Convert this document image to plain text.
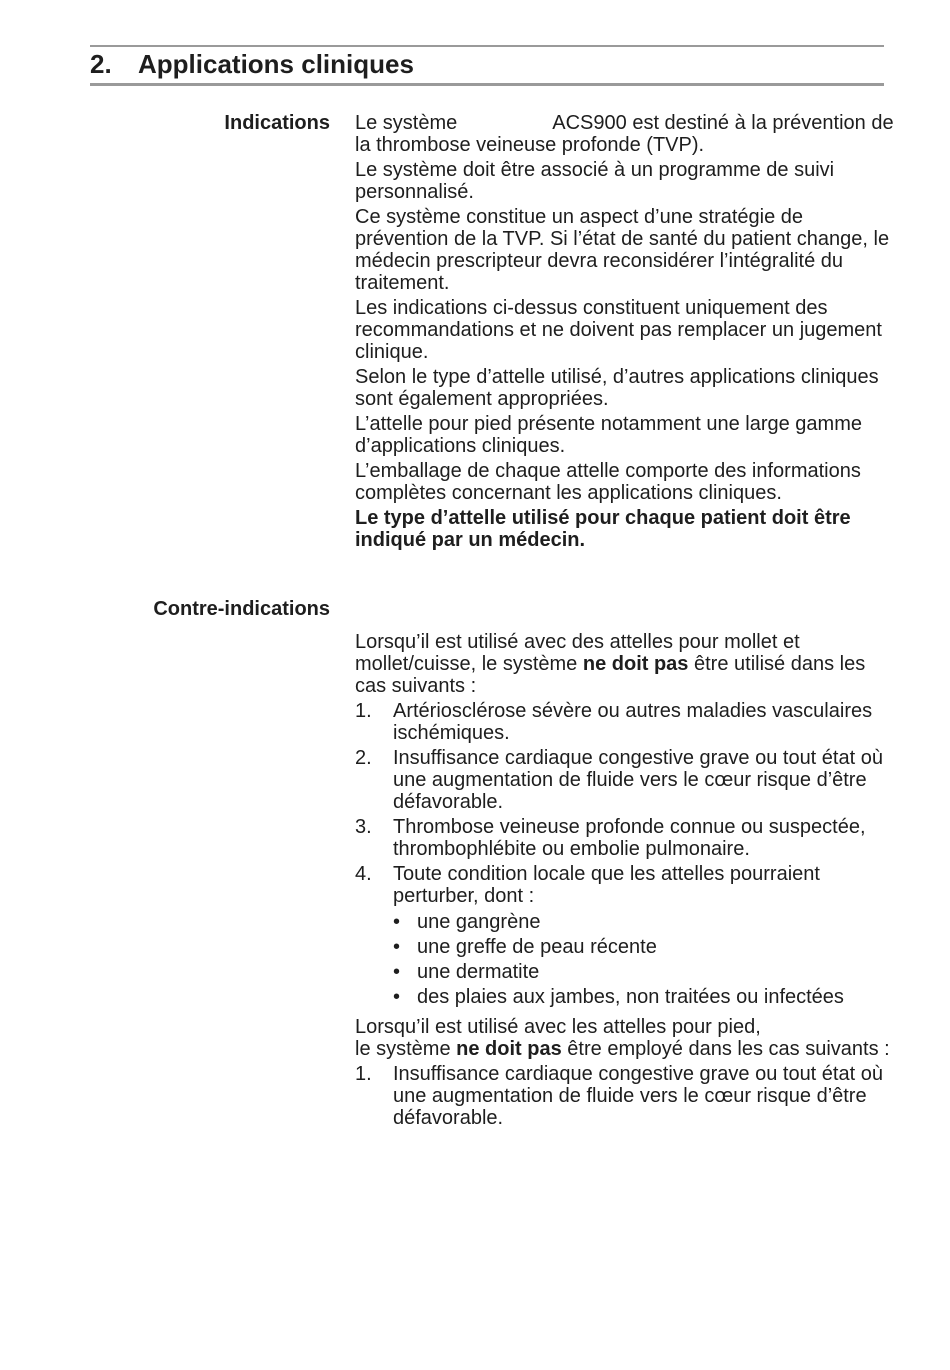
2. Applications cliniques
Indications Le système	ACS900 est destiné à la prévention de la thrombose veineuse profonde (TVP).

Le système doit être associé à un programme de suivi personnalisé.

Ce système constitue un aspect d’une stratégie de prévention de la TVP. Si l’état de santé du patient change, le médecin prescripteur devra reconsidérer l’intégralité du traitement.

Les indications ci-dessus constituent uniquement des recommandations et ne doivent pas remplacer un jugement clinique.

Selon le type d’attelle utilisé, d’autres applications cliniques sont également appropriées.

L’attelle pour pied présente notamment une large gamme d’applications cliniques.

L’emballage de chaque attelle comporte des informations complètes concernant les applications cliniques.

Le type d’attelle utilisé pour chaque patient doit être indiqué par un médecin.

Contre-indications

Lorsqu’il est utilisé avec des attelles pour mollet et mollet/cuisse, le système ne doit pas être utilisé dans les cas suivants :

1. Artériosclérose sévère ou autres maladies vasculaires ischémiques.
2. Insuffisance cardiaque congestive grave ou tout état où une augmentation de fluide vers le cœur risque d’être défavorable.
3. Thrombose veineuse profonde connue ou suspectée, thrombophlébite ou embolie pulmonaire.
4. Toute condition locale que les attelles pourraient perturber, dont :
• une gangrène
• une greffe de peau récente
• une dermatite
• des plaies aux jambes, non traitées ou infectées

Lorsqu’il est utilisé avec les attelles pour pied,
le système ne doit pas être employé dans les cas suivants :

1. Insuffisance cardiaque congestive grave ou tout état où une augmentation de fluide vers le cœur risque d’être défavorable.
